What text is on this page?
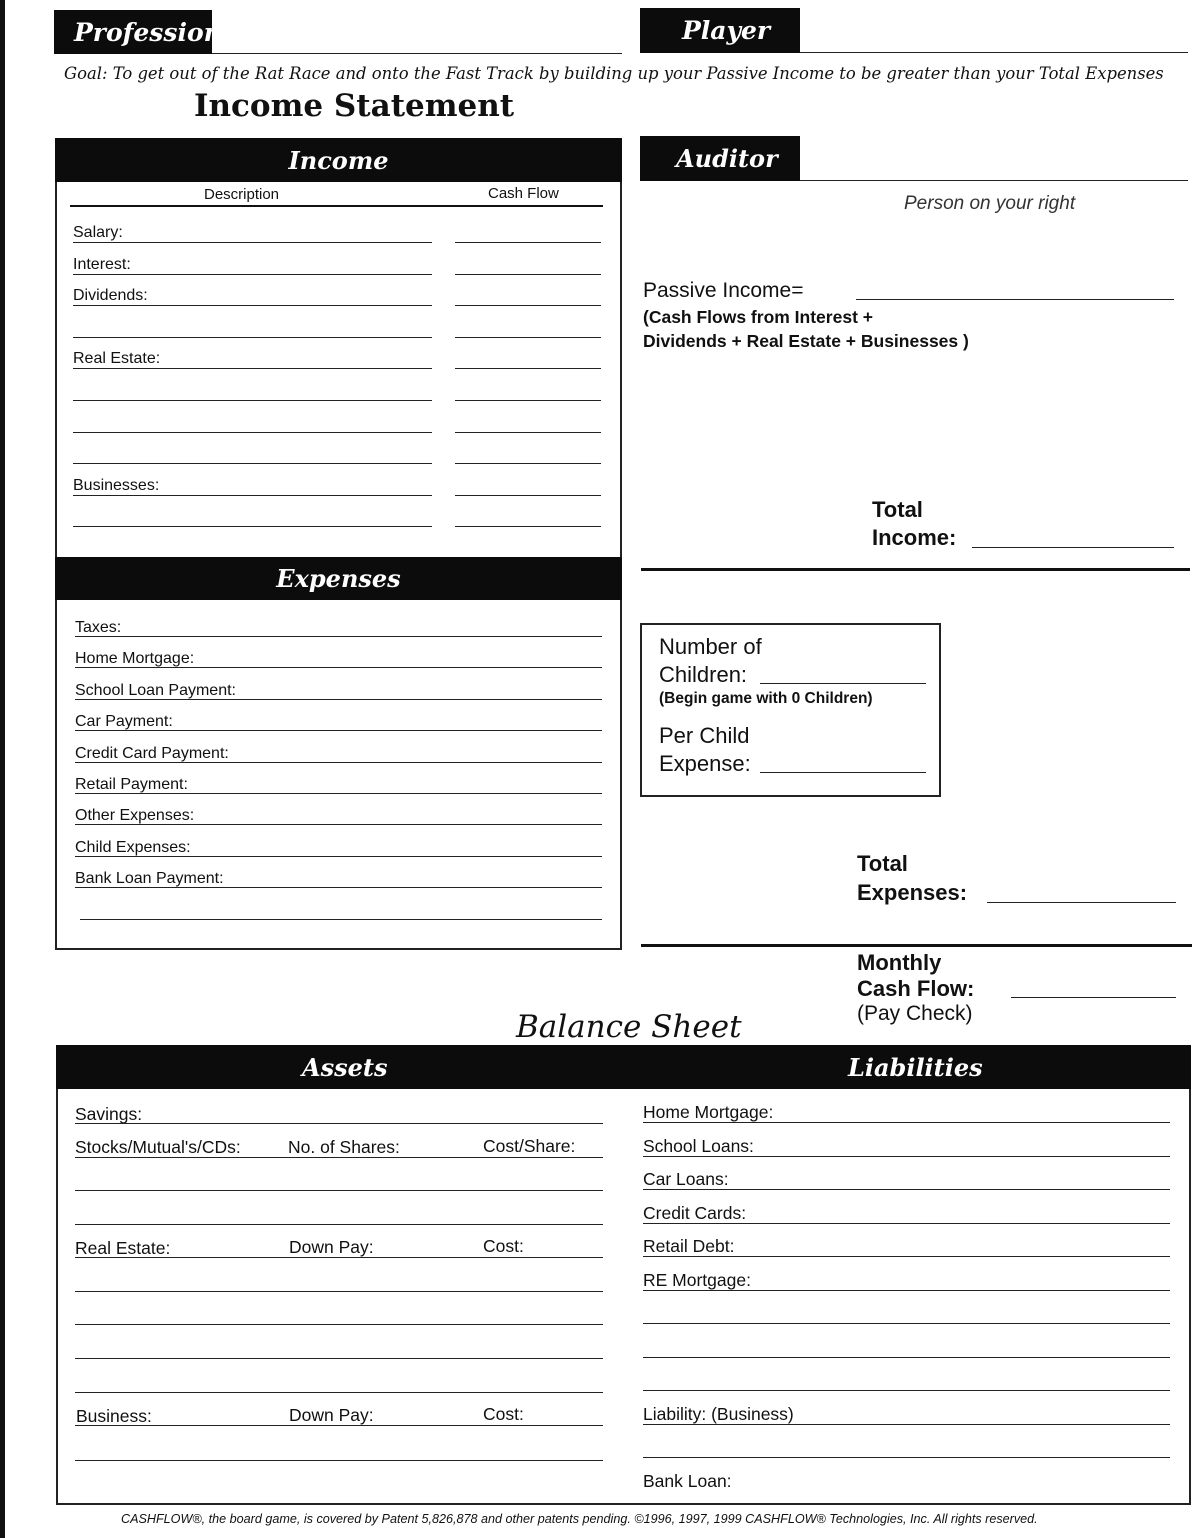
Profession	Player
Goal: To get out of the Rat Race and onto the Fast Track by building up your Passive Income to be greater than your Total Expenses
Income Statement
Income
Description	Cash Flow
Salary:
Interest:
Dividends:
Real Estate:
Businesses:
Expenses
Taxes:
Home Mortgage:
School Loan Payment:
Car Payment:
Credit Card Payment:
Retail Payment:
Other Expenses:
Child Expenses:
Bank Loan Payment:
Auditor
Person on your right
Passive Income=
(Cash Flows from Interest +
Dividends + Real Estate + Businesses )
Total
Income:
Number of
Children:
(Begin game with 0 Children)
Per Child
Expense:
Total
Expenses:
Monthly
Cash Flow:
(Pay Check)
Balance Sheet
Assets	Liabilities
Savings:
Stocks/Mutual's/CDs:	No. of Shares:	Cost/Share:
Real Estate:	Down Pay:	Cost:
Business:	Down Pay:	Cost:
Home Mortgage:
School Loans:
Car Loans:
Credit Cards:
Retail Debt:
RE Mortgage:
Liability: (Business)
Bank Loan:
CASHFLOW®, the board game, is covered by Patent 5,826,878 and other patents pending. ©1996, 1997, 1999 CASHFLOW® Technologies, Inc. All rights reserved.
